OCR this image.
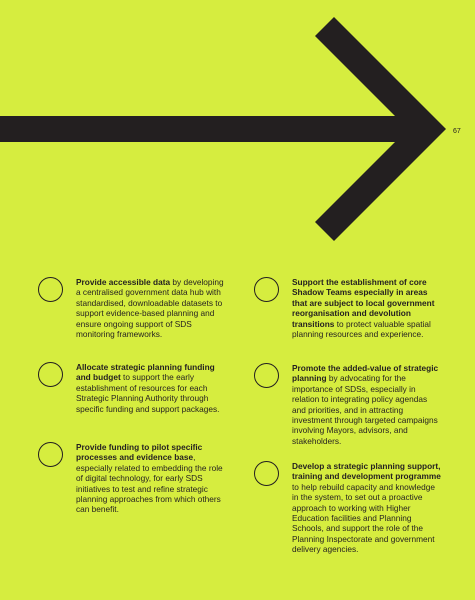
67

Provide accessible data by developing a centralised government data hub with standardised, downloadable datasets to support evidence-based planning and ensure ongoing support of SDS monitoring frameworks.

Allocate strategic planning funding and budget to support the early establishment of resources for each Strategic Planning Authority through specific funding and support packages.

Provide funding to pilot specific processes and evidence base, especially related to embedding the role of digital technology, for early SDS initiatives to test and refine strategic planning approaches from which others can benefit.

Support the establishment of core Shadow Teams especially in areas that are subject to local government reorganisation and devolution transitions to protect valuable spatial planning resources and experience.

Promote the added-value of strategic planning by advocating for the importance of SDSs, especially in relation to integrating policy agendas and priorities, and in attracting investment through targeted campaigns involving Mayors, advisors, and stakeholders.

Develop a strategic planning support, training and development programme to help rebuild capacity and knowledge in the system, to set out a proactive approach to working with Higher Education facilities and Planning Schools, and support the role of the Planning Inspectorate and government delivery agencies.
